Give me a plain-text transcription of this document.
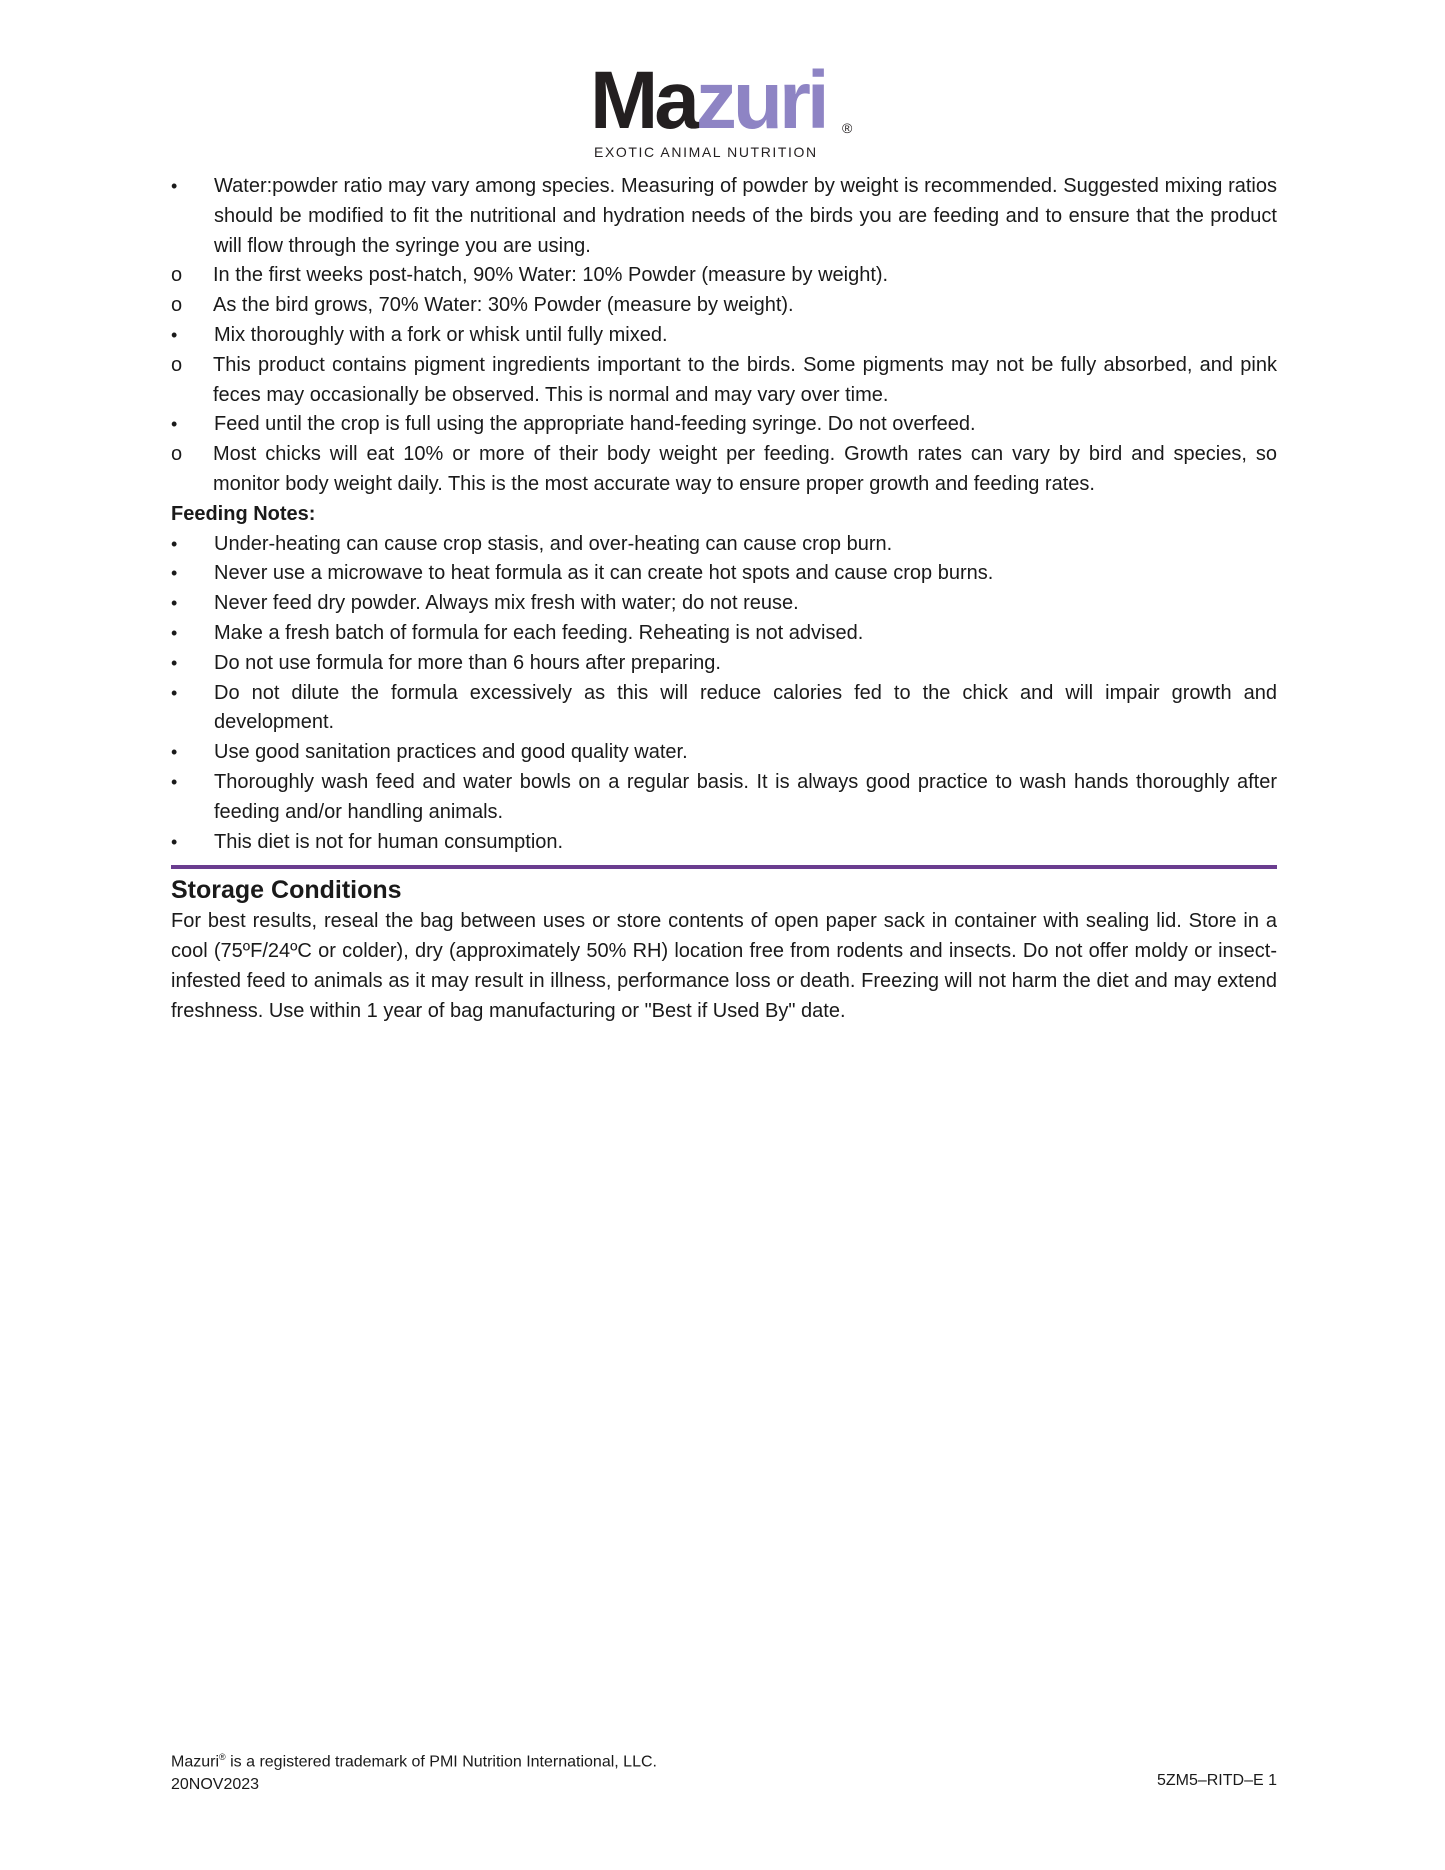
Mazuri ®
EXOTIC ANIMAL NUTRITION
• Water:powder ratio may vary among species. Measuring of powder by weight is recommended. Suggested mixing ratios should be modified to fit the nutritional and hydration needs of the birds you are feeding and to ensure that the product will flow through the syringe you are using.
o In the first weeks post-hatch, 90% Water: 10% Powder (measure by weight).
o As the bird grows, 70% Water: 30% Powder (measure by weight).
• Mix thoroughly with a fork or whisk until fully mixed.
o This product contains pigment ingredients important to the birds. Some pigments may not be fully absorbed, and pink feces may occasionally be observed. This is normal and may vary over time.
• Feed until the crop is full using the appropriate hand-feeding syringe. Do not overfeed.
o Most chicks will eat 10% or more of their body weight per feeding. Growth rates can vary by bird and species, so monitor body weight daily. This is the most accurate way to ensure proper growth and feeding rates.
Feeding Notes:
• Under-heating can cause crop stasis, and over-heating can cause crop burn.
• Never use a microwave to heat formula as it can create hot spots and cause crop burns.
• Never feed dry powder. Always mix fresh with water; do not reuse.
• Make a fresh batch of formula for each feeding. Reheating is not advised.
• Do not use formula for more than 6 hours after preparing.
• Do not dilute the formula excessively as this will reduce calories fed to the chick and will impair growth and development.
• Use good sanitation practices and good quality water.
• Thoroughly wash feed and water bowls on a regular basis. It is always good practice to wash hands thoroughly after feeding and/or handling animals.
• This diet is not for human consumption.
Storage Conditions
For best results, reseal the bag between uses or store contents of open paper sack in container with sealing lid. Store in a cool (75ºF/24ºC or colder), dry (approximately 50% RH) location free from rodents and insects. Do not offer moldy or insect-infested feed to animals as it may result in illness, performance loss or death. Freezing will not harm the diet and may extend freshness. Use within 1 year of bag manufacturing or "Best if Used By" date.
Mazuri® is a registered trademark of PMI Nutrition International, LLC.
20NOV2023	5ZM5–RITD–E 1
